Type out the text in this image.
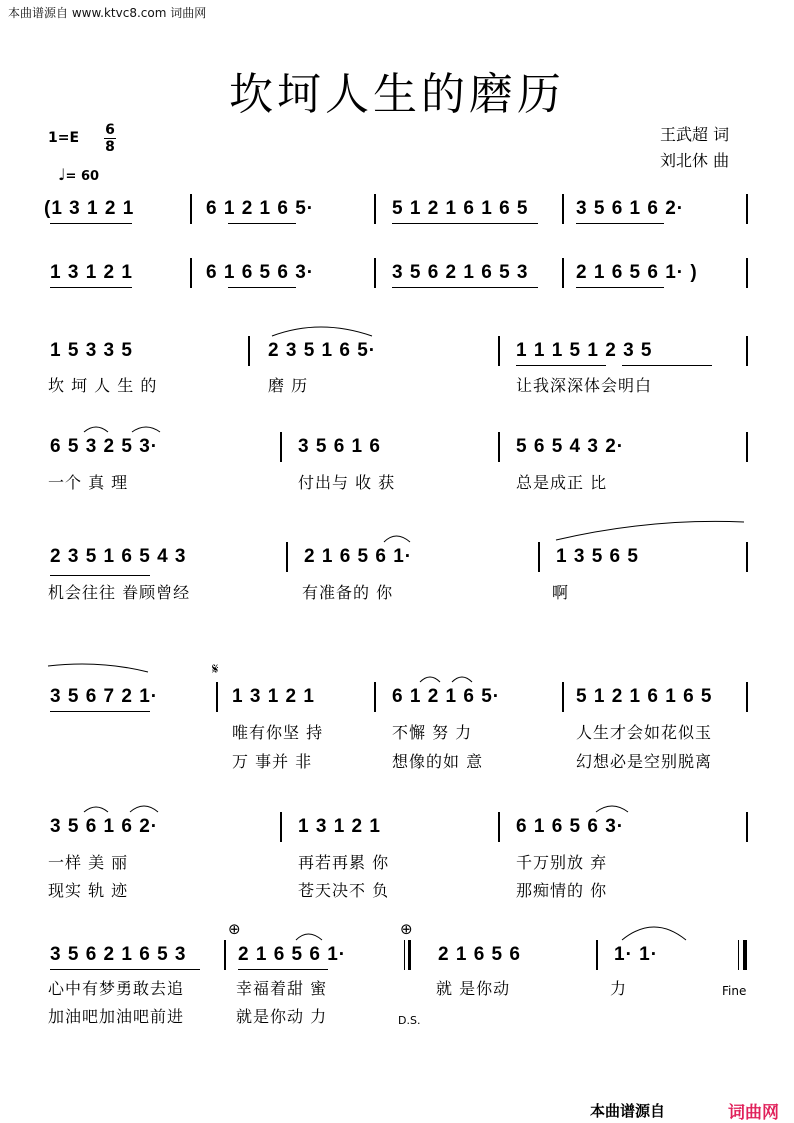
本曲谱源自 www.ktvc8.com 词曲网
坎坷人生的磨历
1=E 6
8
♩= 60
王武超 词
刘北休 曲
(1 3 1 2 1	6 1 2 1 6 5·	5 1 2 1 6 1 6 5	3 5 6 1 6 2·
1 3 1 2 1	6 1 6 5 6 3·	3 5 6 2 1 6 5 3	2 1 6 5 6 1· )
1 5 3 3 5	2 3 5 1 6 5·	1 1 1 5 1 2 3 5
坎 坷 人 生 的	磨 历	让我深深体会明白
6 5 3 2 5 3·	3 5 6 1 6	5 6 5 4 3 2·
一个 真 理	付出与 收 获	总是成正 比
2 3 5 1 6 5 4 3	2 1 6 5 6 1·	1 3 5 6 5
机会往往 眷顾曾经	有准备的 你	啊
𝄋
3 5 6 7 2 1·	1 3 1 2 1	6 1 2 1 6 5·	5 1 2 1 6 1 6 5
唯有你坚 持	不懈 努 力	人生才会如花似玉
万 事并 非	想像的如 意	幻想必是空别脱离
3 5 6 1 6 2·	1 3 1 2 1	6 1 6 5 6 3·
一样 美 丽	再若再累 你	千万别放 弃
现实 轨 迹	苍天决不 负	那痴情的 你
⊕	⊕
3 5 6 2 1 6 5 3	2 1 6 5 6 1·	2 1 6 5 6	1· 1·
心中有梦勇敢去追	幸福着甜 蜜	就 是你动	力
加油吧加油吧前进	就是你动 力	D.S.
Fine
本曲谱源自	词曲网
